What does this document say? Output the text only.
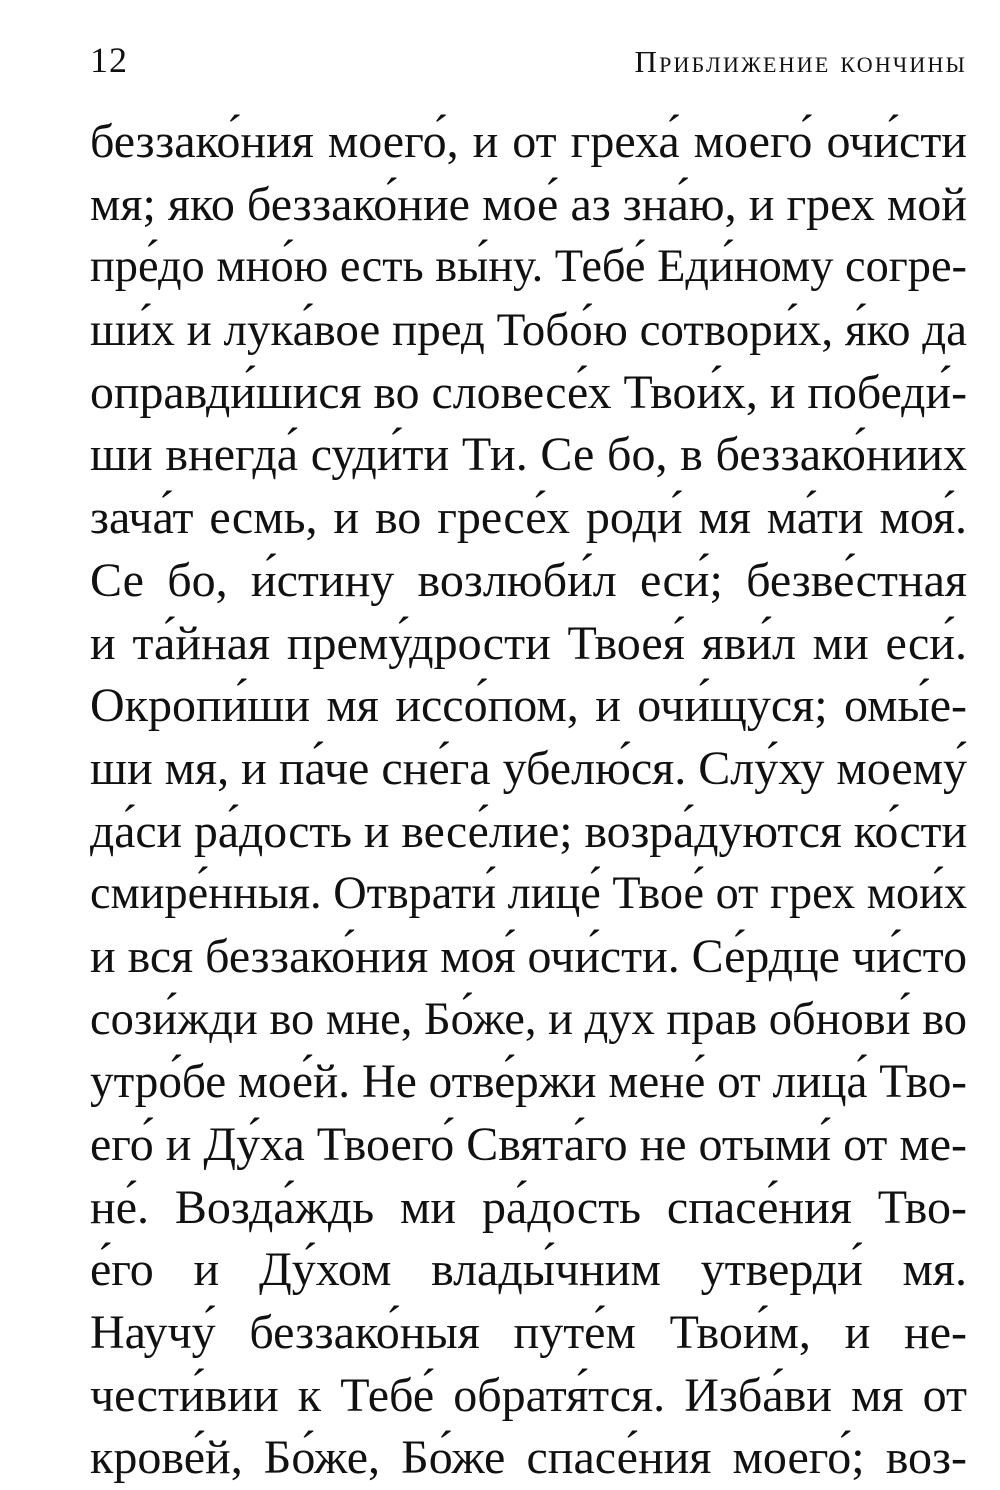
12	Приближение кончины
беззако́ния моего́, и от греха́ моего́ очи́сти
мя; яко беззако́ние мое́ аз зна́ю, и грех мой
пре́до мно́ю есть вы́ну. Тебе́ Еди́ному согре-
ши́х и лука́вое пред Тобо́ю сотвори́х, я́ко да
оправди́шися во словесе́х Твои́х, и победи́-
ши внегда́ суди́ти Ти. Се бо, в беззако́ниих
зача́т есмь, и во гресе́х роди́ мя ма́ти моя́.
Се бо, и́стину возлюби́л еси́; безве́стная
и та́йная прему́дрости Твоея́ яви́л ми еси́.
Окропи́ши мя иссо́пом, и очи́щуся; омы́е-
ши мя, и па́че сне́га убелю́ся. Слу́ху моему́
да́си ра́дость и весе́лие; возра́дуются ко́сти
смире́нныя. Отврати́ лице́ Твое́ от грех мои́х
и вся беззако́ния моя́ очи́сти. Се́рдце чи́сто
сози́жди во мне, Бо́же, и дух прав обнови́ во
утро́бе мое́й. Не отве́ржи мене́ от лица́ Тво-
его́ и Ду́ха Твоего́ Свята́го не отыми́ от ме-
не́. Возда́ждь ми ра́дость спасе́ния Тво-
е́го и Ду́хом влады́чним утверди́ мя.
Научу́ беззако́ныя путе́м Твои́м, и не-
чести́вии к Тебе́ обратя́тся. Изба́ви мя от
крове́й, Бо́же, Бо́же спасе́ния моего́; воз-
